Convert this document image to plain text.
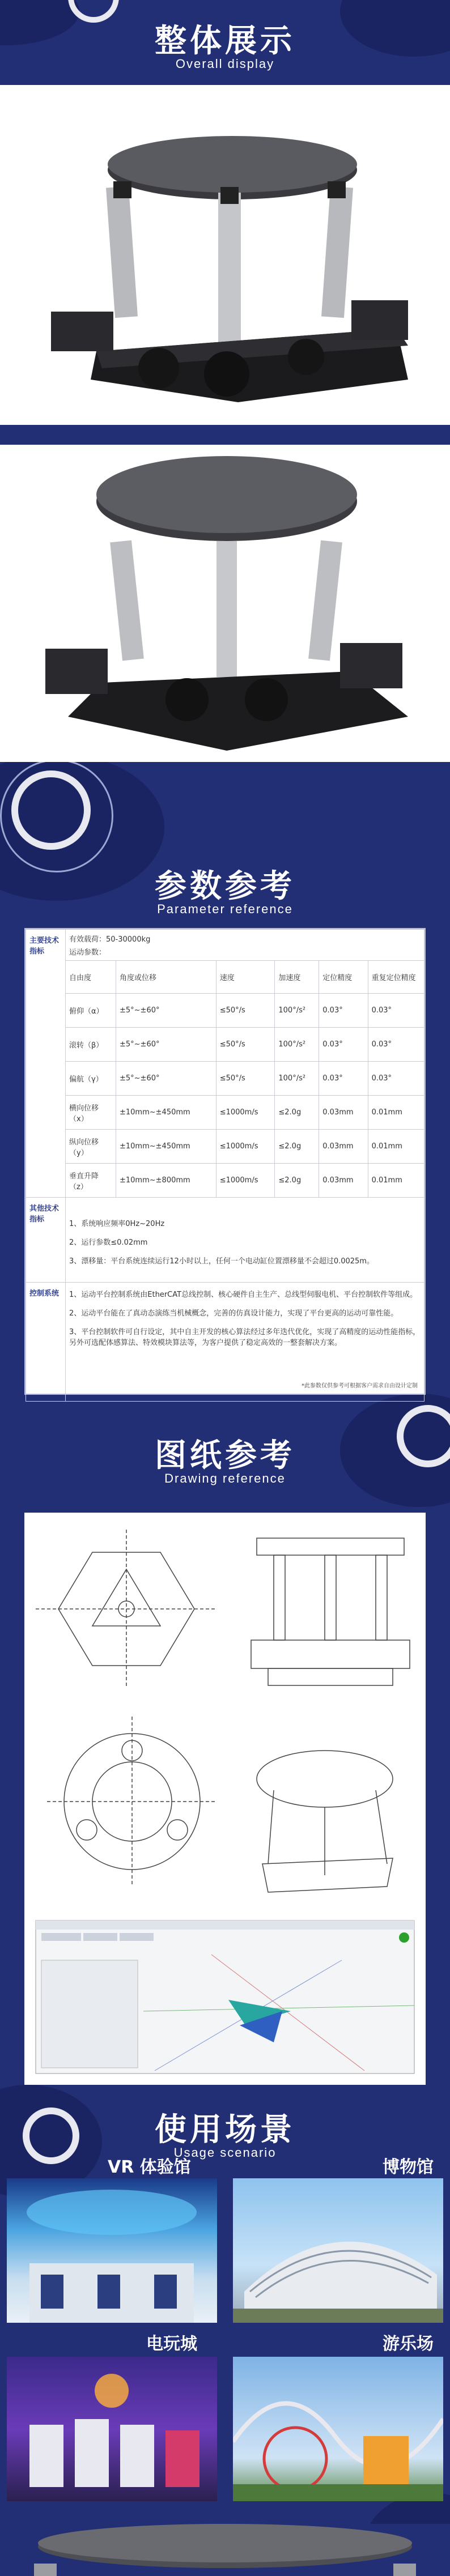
整体展示
Overall display
参数参考
Parameter reference
主要技术指标	有效载荷：50-30000kg
运动参数：					

	自由度	角度或位移	速度	加速度	定位精度	重复定位精度
	俯仰（α）	±5°~±60°	≤50°/s	100°/s²	0.03°	0.03°
	滚转（β）	±5°~±60°	≤50°/s	100°/s²	0.03°	0.03°
	偏航（γ）	±5°~±60°	≤50°/s	100°/s²	0.03°	0.03°
	横向位移（x）	±10mm~±450mm	≤1000m/s	≤2.0g	0.03mm	0.01mm
	纵向位移（y）	±10mm~±450mm	≤1000m/s	≤2.0g	0.03mm	0.01mm
	垂直升降（z）	±10mm~±800mm	≤1000m/s	≤2.0g	0.03mm	0.01mm
其他技术指标	1、系统响应频率0Hz~20Hz
2、运行参数≤0.02mm
3、漂移量：平台系统连续运行12小时以上，任何一个电动缸位置漂移量不会超过0.0025m。					

控制系统	1、运动平台控制系统由EtherCAT总线控制、核心硬件自主生产、总线型伺服电机、平台控制软件等组成。
2、运动平台能在了真动态演练当机械概念，完善的仿真设计能力，实现了平台更高的运动可靠性能。
3、平台控制软件可自行设定，其中自主开发的核心算法经过多年迭代优化，实现了高精度的运动性能指标，另外可选配体感算法、特效模块算法等，为客户提供了稳定高效的一整套解决方案。					
*此参数仅供参考可根据客户需求自由设计定制
图纸参考
Drawing reference
使用场景
Usage scenario
VR 体验馆	博物馆
电玩城	游乐场
